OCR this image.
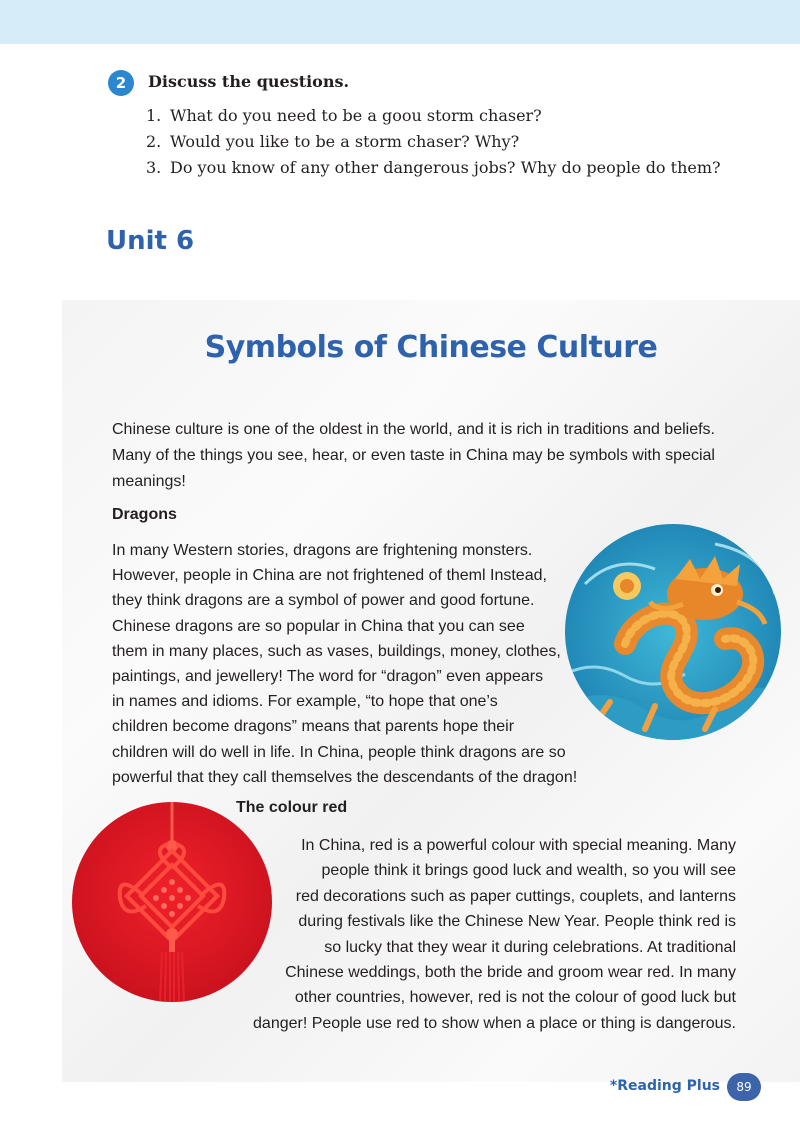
2	Discuss the questions.
1. What do you need to be a goou storm chaser?
2. Would you like to be a storm chaser? Why?
3. Do you know of any other dangerous jobs? Why do people do them?
Unit 6
Symbols of Chinese Culture

Chinese culture is one of the oldest in the world, and it is rich in traditions and beliefs. Many of the things you see, hear, or even taste in China may be symbols with special meanings!

Dragons
In many Western stories, dragons are frightening monsters.
However, people in China are not frightened of theml Instead,
they think dragons are a symbol of power and good fortune.
Chinese dragons are so popular in China that you can see
them in many places, such as vases, buildings, money, clothes,
paintings, and jewellery! The word for “dragon” even appears
in names and idioms. For example, “to hope that one’s
children become dragons” means that parents hope their
children will do well in life. In China, people think dragons are so
powerful that they call themselves the descendants of the dragon!
The colour red
In China, red is a powerful colour with special meaning. Many
people think it brings good luck and wealth, so you will see
red decorations such as paper cuttings, couplets, and lanterns
during festivals like the Chinese New Year. People think red is
so lucky that they wear it during celebrations. At traditional
Chinese weddings, both the bride and groom wear red. In many
other countries, however, red is not the colour of good luck but
danger! People use red to show when a place or thing is dangerous.
*Reading Plus	89
